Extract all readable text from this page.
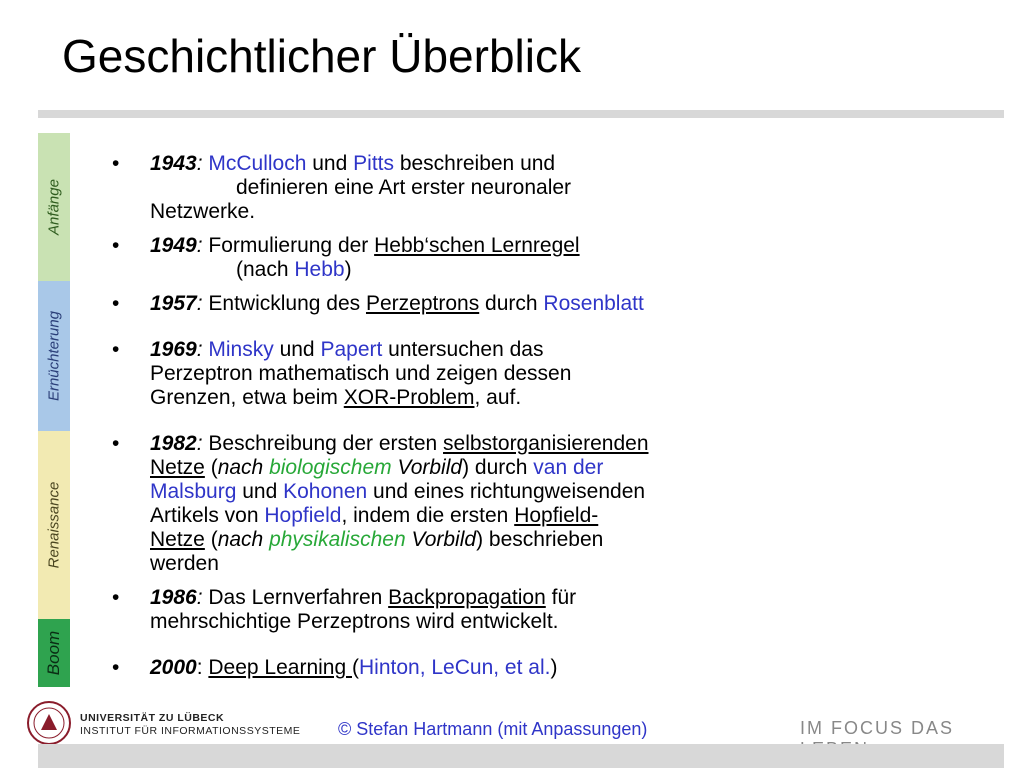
Geschichtlicher Überblick
Anfänge
Ernüchterung
Renaissance
Boom
• 1943: McCulloch und Pitts beschreiben und
definieren eine Art erster neuronaler
Netzwerke.
• 1949: Formulierung der Hebb‘schen Lernregel
(nach Hebb)
• 1957: Entwicklung des Perzeptrons durch Rosenblatt
• 1969: Minsky und Papert untersuchen das
Perzeptron mathematisch und zeigen dessen
Grenzen, etwa beim XOR-Problem, auf.
• 1982: Beschreibung der ersten selbstorganisierenden
Netze (nach biologischem Vorbild) durch van der
Malsburg und Kohonen und eines richtungweisenden
Artikels von Hopfield, indem die ersten Hopfield-
Netze (nach physikalischen Vorbild) beschrieben
werden
• 1986: Das Lernverfahren Backpropagation für
mehrschichtige Perzeptrons wird entwickelt.
• 2000: Deep Learning (Hinton, LeCun, et al.)
UNIVERSITÄT ZU LÜBECK
INSTITUT FÜR INFORMATIONSSYSTEME © Stefan Hartmann (mit Anpassungen)	IM FOCUS DAS
